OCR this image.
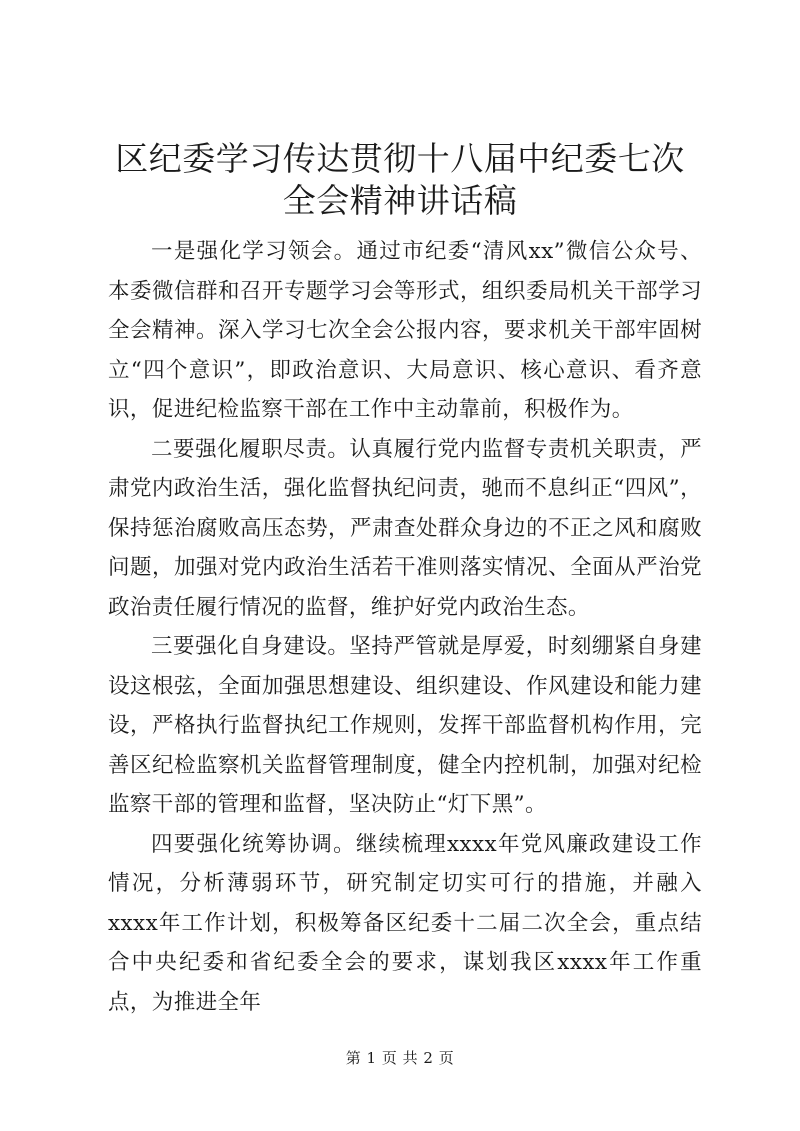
区纪委学习传达贯彻十八届中纪委七次全会精神讲话稿

一是强化学习领会。通过市纪委“清风xx”微信公众号、本委微信群和召开专题学习会等形式，组织委局机关干部学习全会精神。深入学习七次全会公报内容，要求机关干部牢固树立“四个意识”，即政治意识、大局意识、核心意识、看齐意识，促进纪检监察干部在工作中主动靠前，积极作为。

二要强化履职尽责。认真履行党内监督专责机关职责，严肃党内政治生活，强化监督执纪问责，驰而不息纠正“四风”，保持惩治腐败高压态势，严肃查处群众身边的不正之风和腐败问题，加强对党内政治生活若干准则落实情况、全面从严治党政治责任履行情况的监督，维护好党内政治生态。

三要强化自身建设。坚持严管就是厚爱，时刻绷紧自身建设这根弦，全面加强思想建设、组织建设、作风建设和能力建设，严格执行监督执纪工作规则，发挥干部监督机构作用，完善区纪检监察机关监督管理制度，健全内控机制，加强对纪检监察干部的管理和监督，坚决防止“灯下黑”。

四要强化统筹协调。继续梳理xxxx年党风廉政建设工作情况，分析薄弱环节，研究制定切实可行的措施，并融入xxxx年工作计划，积极筹备区纪委十二届二次全会，重点结合中央纪委和省纪委全会的要求，谋划我区xxxx年工作重点，为推进全年

第 1 页 共 2 页
